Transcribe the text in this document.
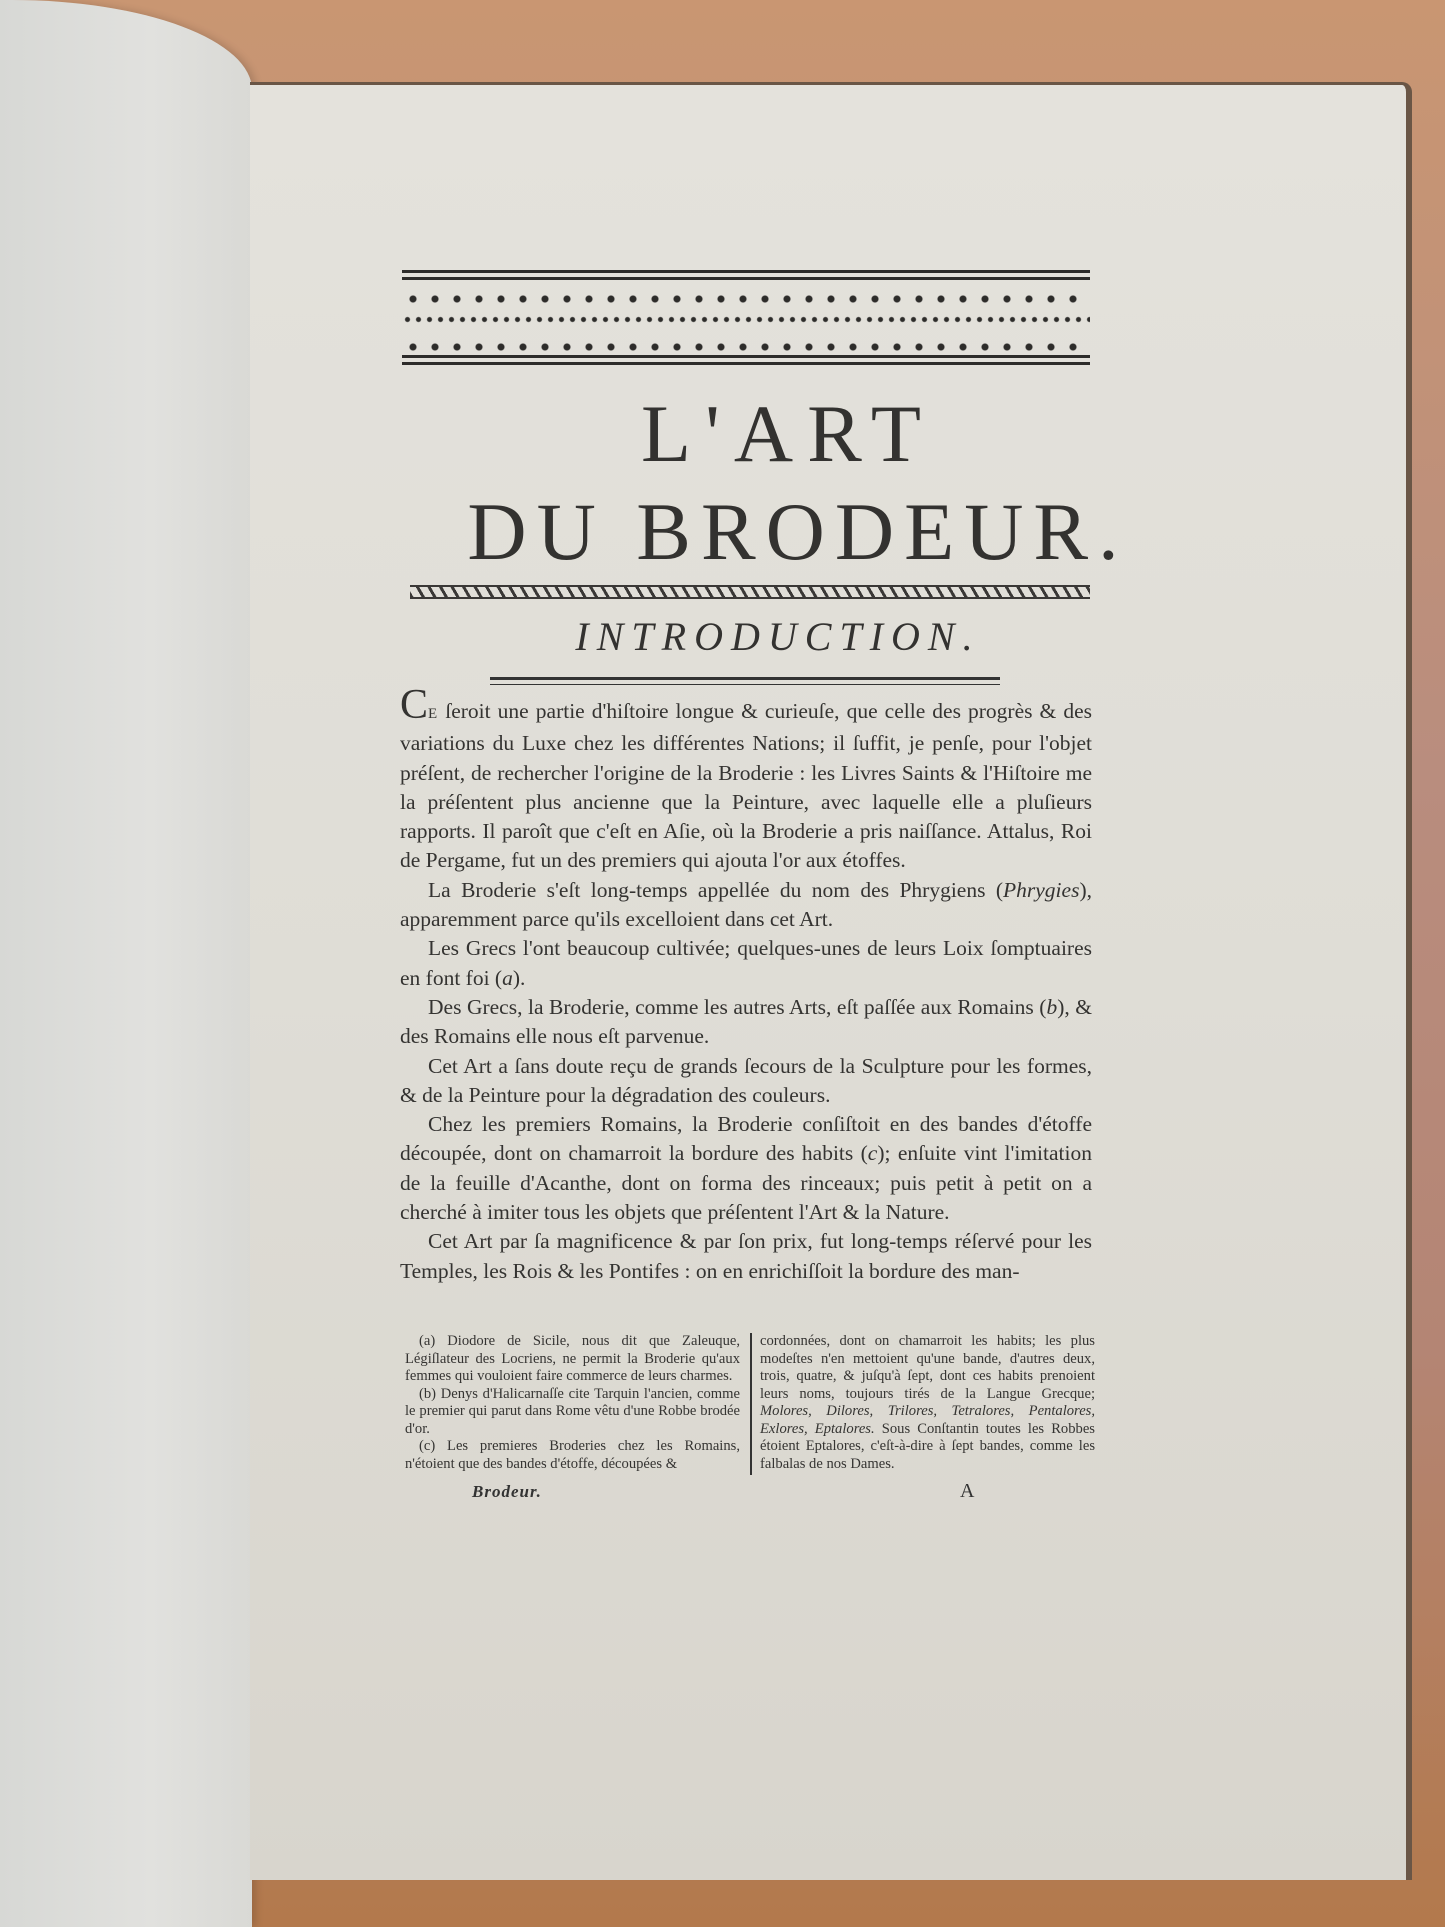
L'ART
DU BRODEUR.
INTRODUCTION.

CE ſeroit une partie d'hiſtoire longue & curieuſe, que celle des progrès & des variations du Luxe chez les différentes Nations; il ſuffit, je penſe, pour l'objet préſent, de rechercher l'origine de la Broderie : les Livres Saints & l'Hiſtoire me la préſentent plus ancienne que la Peinture, avec laquelle elle a pluſieurs rapports. Il paroît que c'eſt en Aſie, où la Broderie a pris naiſſance. Attalus, Roi de Pergame, fut un des premiers qui ajouta l'or aux étoffes.

La Broderie s'eſt long-temps appellée du nom des Phrygiens (Phrygies), apparemment parce qu'ils excelloient dans cet Art.

Les Grecs l'ont beaucoup cultivée; quelques-unes de leurs Loix ſomptuaires en font foi (a).

Des Grecs, la Broderie, comme les autres Arts, eſt paſſée aux Romains (b), & des Romains elle nous eſt parvenue.

Cet Art a ſans doute reçu de grands ſecours de la Sculpture pour les formes, & de la Peinture pour la dégradation des couleurs.

Chez les premiers Romains, la Broderie conſiſtoit en des bandes d'étoffe découpée, dont on chamarroit la bordure des habits (c); enſuite vint l'imitation de la feuille d'Acanthe, dont on forma des rinceaux; puis petit à petit on a cherché à imiter tous les objets que préſentent l'Art & la Nature.

Cet Art par ſa magnificence & par ſon prix, fut long-temps réſervé pour les Temples, les Rois & les Pontifes : on en enrichiſſoit la bordure des man-

(a) Diodore de Sicile, nous dit que Zaleuque, Légiſlateur des Locriens, ne permit la Broderie qu'aux femmes qui vouloient faire commerce de leurs charmes.

(b) Denys d'Halicarnaſſe cite Tarquin l'ancien, comme le premier qui parut dans Rome vêtu d'une Robbe brodée d'or.

(c) Les premieres Broderies chez les Romains, n'étoient que des bandes d'étoffe, découpées &

cordonnées, dont on chamarroit les habits; les plus modeſtes n'en mettoient qu'une bande, d'autres deux, trois, quatre, & juſqu'à ſept, dont ces habits prenoient leurs noms, toujours tirés de la Langue Grecque; Molores, Dilores, Trilores, Tetralores, Pentalores, Exlores, Eptalores. Sous Conſtantin toutes les Robbes étoient Eptalores, c'eſt-à-dire à ſept bandes, comme les falbalas de nos Dames.

Brodeur.	A
